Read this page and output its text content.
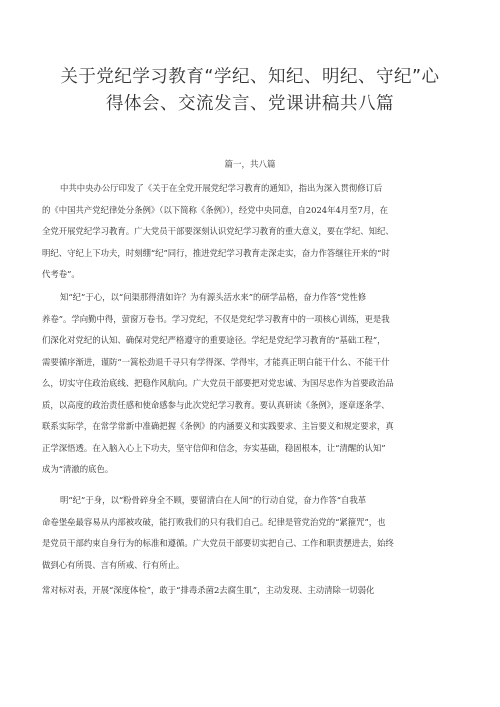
关于党纪学习教育“学纪、知纪、明纪、守纪”心
得体会、交流发言、党课讲稿共八篇
篇一，共八篇
中共中央办公厅印发了《关于在全党开展党纪学习教育的通知》，指出为深入贯彻修订后
的《中国共产党纪律处分条例》（以下简称《条例》），经党中央同意，自2024年4月至7月，在
全党开展党纪学习教育。广大党员干部要深刻认识党纪学习教育的重大意义，要在学纪、知纪、
明纪、守纪上下功夫，时刻绷“纪”同行，推进党纪学习教育走深走实，奋力作答继往开来的“时
代考卷”。
知“纪”于心，以“问渠那得清如许？为有源头活水来”的研学品格，奋力作答“党性修
养卷”。学向勤中得，萤窗万卷书。学习党纪，不仅是党纪学习教育中的一项核心训练，更是我
们深化对党纪的认知、确保对党纪严格遵守的重要途径。学纪是党纪学习教育的“基础工程”，
需要循序渐进，谨防“一篙松劲退千寻只有学得深、学得牢，才能真正明白能干什么、不能干什
么，切实守住政治底线、把稳作风航向。广大党员干部要把对党忠诚、为国尽忠作为首要政治品
质，以高度的政治责任感和使命感参与此次党纪学习教育。要认真研读《条例》，逐章逐条学、
联系实际学，在常学常新中准确把握《条例》的内涵要义和实践要求、主旨要义和规定要求，真
正学深悟透。在入脑入心上下功夫，坚守信仰和信念，夯实基础，稳固根本，让“清醒的认知”
成为“清澈的底色。
明“纪”于身，以“粉骨碎身全不顾，要留清白在人间”的行动自觉，奋力作答“自我革
命卷堡垒最容易从内部被攻破，能打败我们的只有我们自己。纪律是管党治党的“紧箍咒”，也
是党员干部约束自身行为的标准和遵循。广大党员干部要切实把自己、工作和职责摆进去，始终
做到心有所畏、言有所戒、行有所止。
常对标对表，开展“深度体检”，敢于“排毒杀菌2去腐生肌”，主动发现、主动清除一切弱化
